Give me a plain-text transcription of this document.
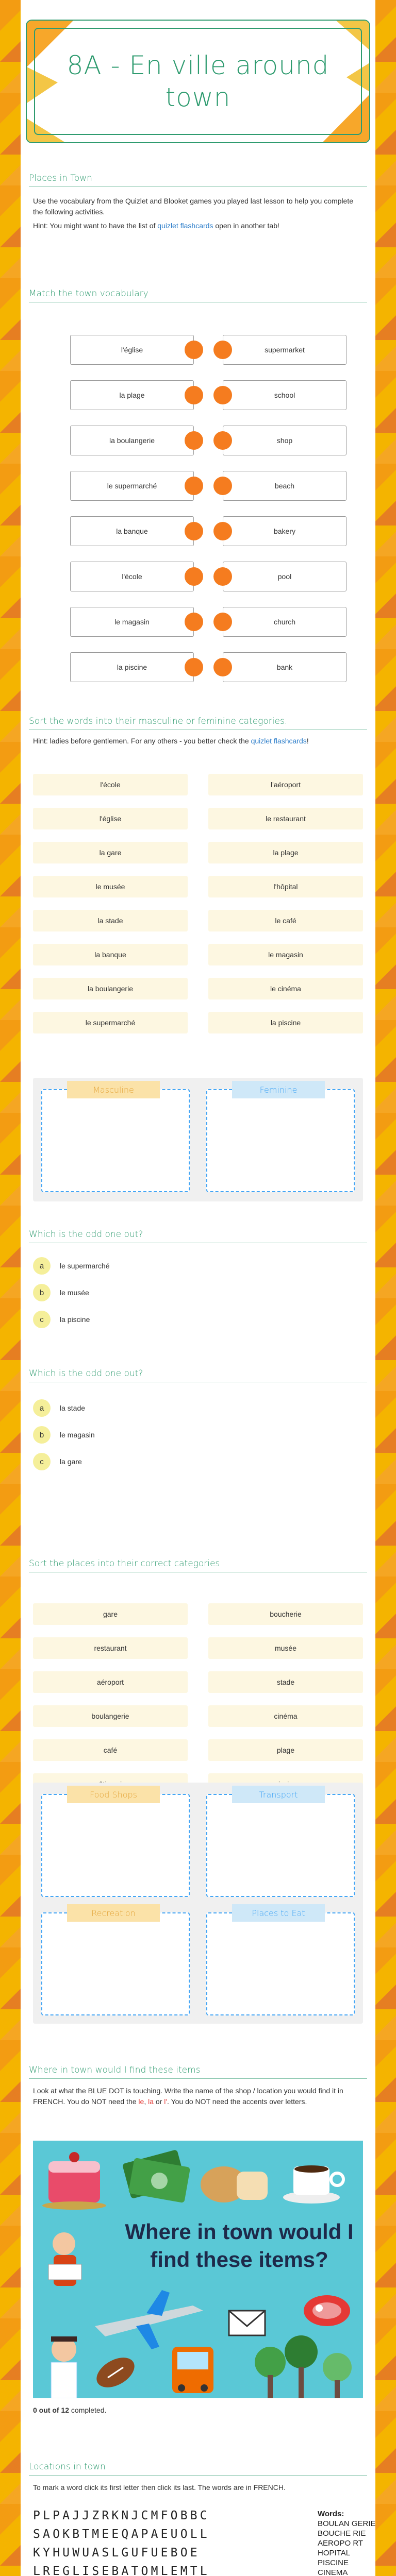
8A - En ville around town
Places in Town
Use the vocabulary from the Quizlet and Blooket games you played last lesson to help you complete the following activities.
Hint: You might want to have the list of quizlet flashcards open in another tab!
Match the town vocabulary
l'église	supermarket
la plage	school
la boulangerie	shop
le supermarché	beach
la banque	bakery
l'école	pool
le magasin	church
la piscine	bank
Sort the words into their masculine or feminine categories.
Hint: ladies before gentlemen. For any others - you better check the quizlet flashcards!
l'école	l'aéroport
l'église	le restaurant
la gare	la plage
le musée	l'hôpital
la stade	le café
la banque	le magasin
la boulangerie	le cinéma
le supermarché	la piscine
Masculine	Feminine
Which is the odd one out?
a	le supermarché
b	le musée
c	la piscine
Which is the odd one out?
a	la stade
b	le magasin
c	la gare
Sort the places into their correct categories
gare	boucherie
restaurant	musée
aéroport	stade
boulangerie	cinéma
café	plage
Food Shops	Transport
Recreation	Places to Eat
Where in town would I find these items
Look at what the BLUE DOT is touching. Write the name of the shop / location you would find it in FRENCH. You do NOT need the le, la or l'. You do NOT need the accents over letters.
Where in town would I
find these items?
0 out of 12 completed.
Locations in town
To mark a word click its first letter then click its last. The words are in FRENCH.
PLPAJJZRKNJCMFOBBC
SAOKBTMEEQAPAEUOLL
KYHUWUASLGUFUEBOE
LREGLISEBATOMLEMTL
Words:
BOULAN GERIE
BOUCHE RIE
AEROPO RT
HOPITAL
PISCINE
CINEMA
